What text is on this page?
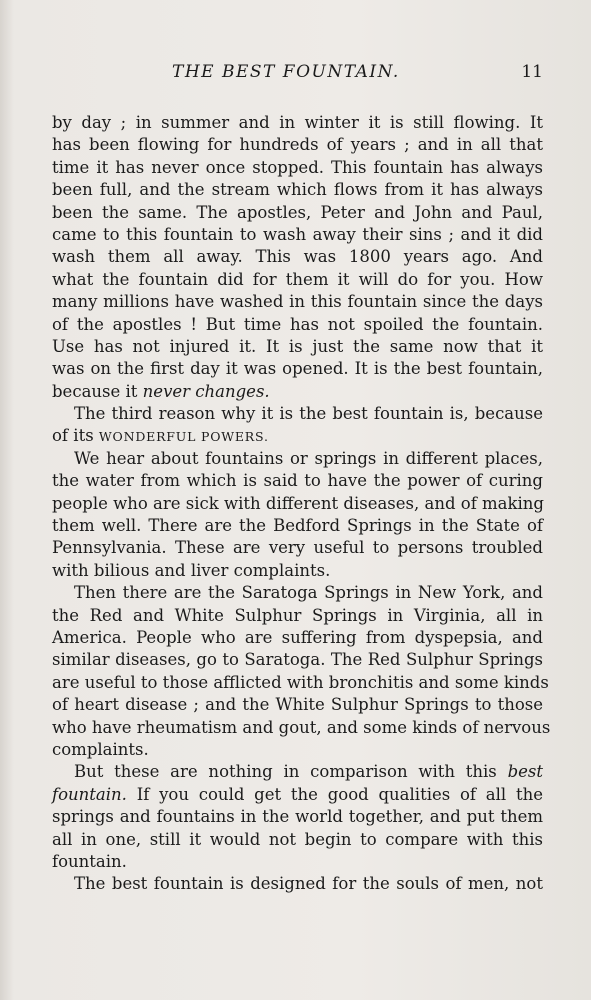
THE BEST FOUNTAIN.	11
by day ; in summer and in winter it is still flowing. It
has been flowing for hundreds of years ; and in all that
time it has never once stopped. This fountain has always
been full, and the stream which flows from it has always
been the same. The apostles, Peter and John and Paul,
came to this fountain to wash away their sins ; and it did
wash them all away. This was 1800 years ago. And
what the fountain did for them it will do for you. How
many millions have washed in this fountain since the days
of the apostles ! But time has not spoiled the fountain.
Use has not injured it. It is just the same now that it
was on the first day it was opened. It is the best fountain,
because it never changes.
The third reason why it is the best fountain is, because
of its WONDERFUL POWERS.
We hear about fountains or springs in different places,
the water from which is said to have the power of curing
people who are sick with different diseases, and of making
them well. There are the Bedford Springs in the State of
Pennsylvania. These are very useful to persons troubled
with bilious and liver complaints.
Then there are the Saratoga Springs in New York, and
the Red and White Sulphur Springs in Virginia, all in
America. People who are suffering from dyspepsia, and
similar diseases, go to Saratoga. The Red Sulphur Springs
are useful to those afflicted with bronchitis and some kinds
of heart disease ; and the White Sulphur Springs to those
who have rheumatism and gout, and some kinds of nervous
complaints.
But these are nothing in comparison with this best
fountain. If you could get the good qualities of all the
springs and fountains in the world together, and put them
all in one, still it would not begin to compare with this
fountain.
The best fountain is designed for the souls of men, not
